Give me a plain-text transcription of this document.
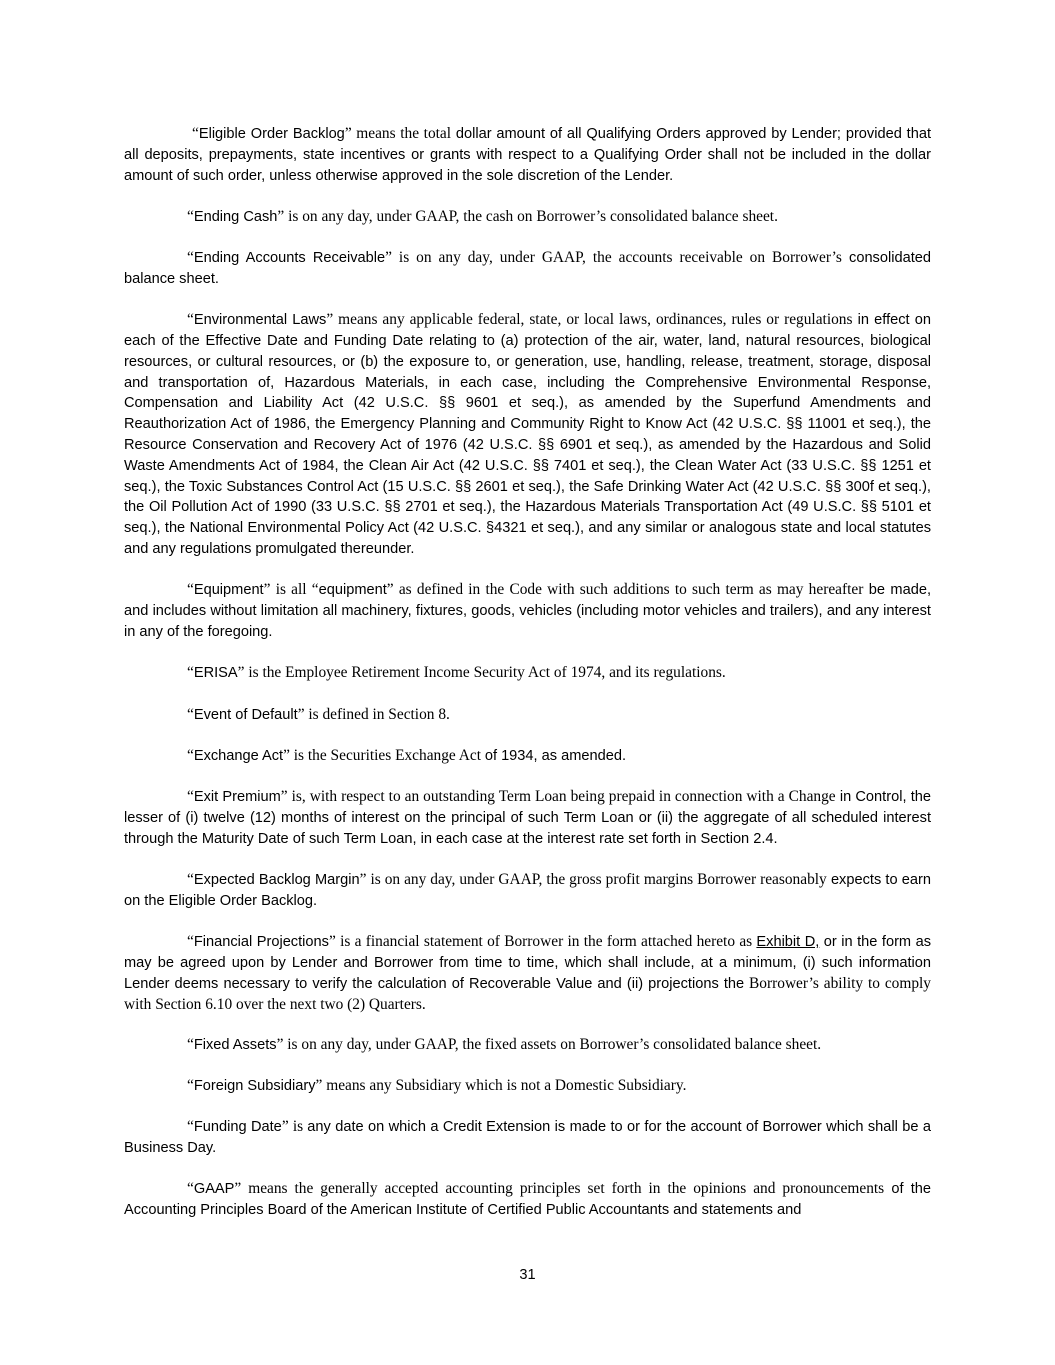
“Eligible Order Backlog” means the total dollar amount of all Qualifying Orders approved by Lender; provided that all deposits, prepayments, state incentives or grants with respect to a Qualifying Order shall not be included in the dollar amount of such order, unless otherwise approved in the sole discretion of the Lender.

“Ending Cash” is on any day, under GAAP, the cash on Borrower’s consolidated balance sheet.

“Ending Accounts Receivable” is on any day, under GAAP, the accounts receivable on Borrower’s consolidated balance sheet.

“Environmental Laws” means any applicable federal, state, or local laws, ordinances, rules or regulations in effect on each of the Effective Date and Funding Date relating to (a) protection of the air, water, land, natural resources, biological resources, or cultural resources, or (b) the exposure to, or generation, use, handling, release, treatment, storage, disposal and transportation of, Hazardous Materials, in each case, including the Comprehensive Environmental Response, Compensation and Liability Act (42 U.S.C. §§ 9601 et seq.), as amended by the Superfund Amendments and Reauthorization Act of 1986, the Emergency Planning and Community Right to Know Act (42 U.S.C. §§ 11001 et seq.), the Resource Conservation and Recovery Act of 1976 (42 U.S.C. §§ 6901 et seq.), as amended by the Hazardous and Solid Waste Amendments Act of 1984, the Clean Air Act (42 U.S.C. §§ 7401 et seq.), the Clean Water Act (33 U.S.C. §§ 1251 et seq.), the Toxic Substances Control Act (15 U.S.C. §§ 2601 et seq.), the Safe Drinking Water Act (42 U.S.C. §§ 300f et seq.), the Oil Pollution Act of 1990 (33 U.S.C. §§ 2701 et seq.), the Hazardous Materials Transportation Act (49 U.S.C. §§ 5101 et seq.), the National Environmental Policy Act (42 U.S.C. §4321 et seq.), and any similar or analogous state and local statutes and any regulations promulgated thereunder.

“Equipment” is all “equipment” as defined in the Code with such additions to such term as may hereafter be made, and includes without limitation all machinery, fixtures, goods, vehicles (including motor vehicles and trailers), and any interest in any of the foregoing.

“ERISA” is the Employee Retirement Income Security Act of 1974, and its regulations.

“Event of Default” is defined in Section 8.

“Exchange Act” is the Securities Exchange Act of 1934, as amended.

“Exit Premium” is, with respect to an outstanding Term Loan being prepaid in connection with a Change in Control, the lesser of (i) twelve (12) months of interest on the principal of such Term Loan or (ii) the aggregate of all scheduled interest through the Maturity Date of such Term Loan, in each case at the interest rate set forth in Section 2.4.

“Expected Backlog Margin” is on any day, under GAAP, the gross profit margins Borrower reasonably expects to earn on the Eligible Order Backlog.

“Financial Projections” is a financial statement of Borrower in the form attached hereto as Exhibit D, or in the form as may be agreed upon by Lender and Borrower from time to time, which shall include, at a minimum, (i) such information Lender deems necessary to verify the calculation of Recoverable Value and (ii) projections the Borrower’s ability to comply with Section 6.10 over the next two (2) Quarters.

“Fixed Assets” is on any day, under GAAP, the fixed assets on Borrower’s consolidated balance sheet.

“Foreign Subsidiary” means any Subsidiary which is not a Domestic Subsidiary.

“Funding Date” is any date on which a Credit Extension is made to or for the account of Borrower which shall be a Business Day.

“GAAP” means the generally accepted accounting principles set forth in the opinions and pronouncements of the Accounting Principles Board of the American Institute of Certified Public Accountants and statements and

31
